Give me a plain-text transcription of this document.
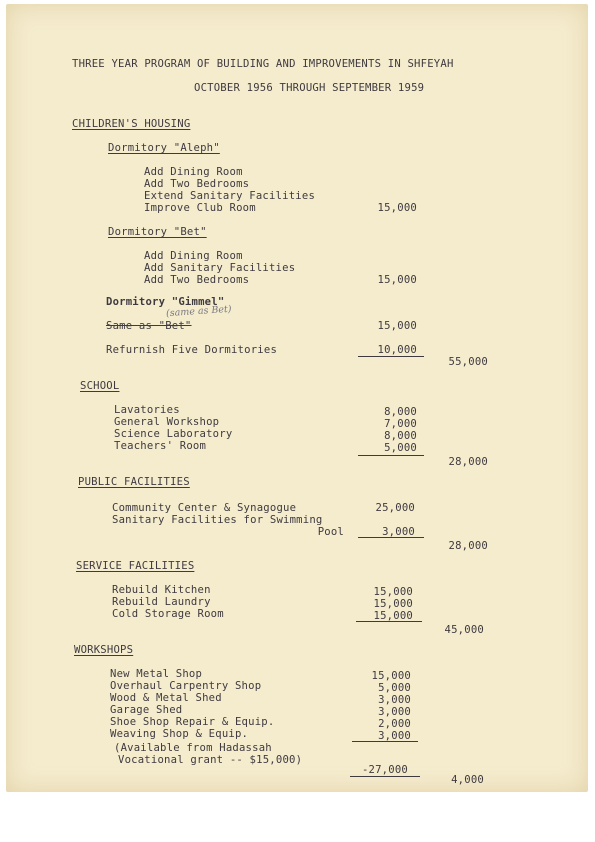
THREE YEAR PROGRAM OF BUILDING AND IMPROVEMENTS IN SHFEYAH
OCTOBER 1956 THROUGH SEPTEMBER 1959
CHILDREN'S HOUSING
Dormitory "Aleph"
Add Dining Room
Add Two Bedrooms
Extend Sanitary Facilities
Improve Club Room	15,000
Dormitory "Bet"
Add Dining Room
Add Sanitary Facilities
Add Two Bedrooms	15,000
Dormitory "Gimmel"
(same as Bet)
Same as "Bet"	15,000
Refurnish Five Dormitories	10,000
55,000
SCHOOL
Lavatories	8,000
General Workshop	7,000
Science Laboratory	8,000
Teachers' Room	5,000
28,000
PUBLIC FACILITIES
Community Center & Synagogue	25,000
Sanitary Facilities for Swimming
Pool	3,000
28,000
SERVICE FACILITIES
Rebuild Kitchen	15,000
Rebuild Laundry	15,000
Cold Storage Room	15,000
45,000
WORKSHOPS
New Metal Shop	15,000
Overhaul Carpentry Shop	5,000
Wood & Metal Shed	3,000
Garage Shed	3,000
Shoe Shop Repair & Equip.	2,000
Weaving Shop & Equip.	3,000
(Available from Hadassah
Vocational grant -- $15,000)
-27,000
4,000
